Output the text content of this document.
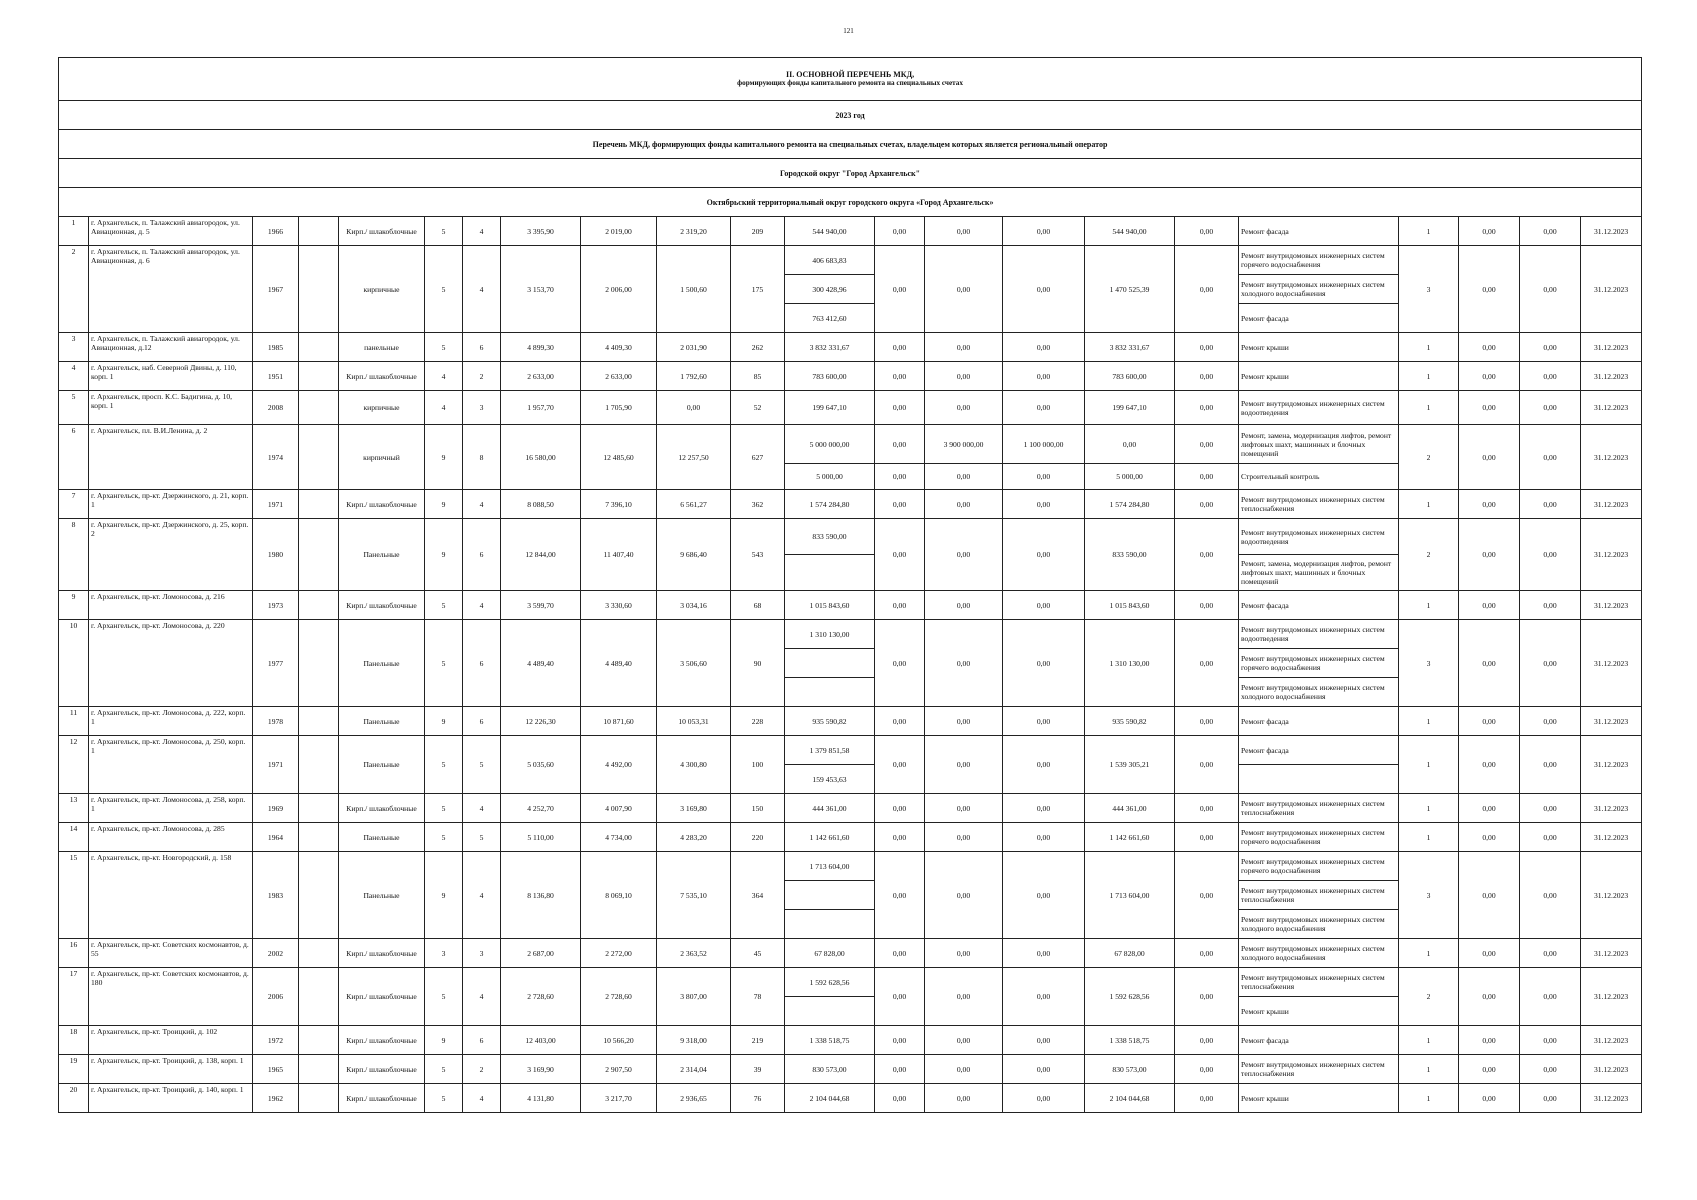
121
II. ОСНОВНОЙ ПЕРЕЧЕНЬ МКД,
формирующих фонды капитального ремонта на специальных счетах																					

2023 год																					
Перечень МКД, формирующих фонды капитального ремонта на специальных счетах, владельцем которых является региональный оператор																					
Городской округ "Город Архангельск"																					
Октябрьский территориальный округ городского округа «Город Архангельск»																					
1	г. Архангельск, п. Талажский авиагородок, ул. Авиационная, д. 5	1966		Кирп./ шлакоблочные	5	4	3 395,90	2 019,00	2 319,20	209	544 940,00	0,00	0,00	0,00	544 940,00	0,00	Ремонт фасада	1	0,00	0,00	31.12.2023
2	г. Архангельск, п. Талажский авиагородок, ул. Авиационная, д. 6	1967		кирпичные	5	4	3 153,70	2 006,00	1 500,60	175	406 683,83	0,00	0,00	0,00	1 470 525,39	0,00	Ремонт внутридомовых инженерных систем горячего водоснабжения	3	0,00	0,00	31.12.2023
											300 428,96						Ремонт внутридомовых инженерных систем холодного водоснабжения				
											763 412,60						Ремонт фасада				
3	г. Архангельск, п. Талажский авиагородок, ул. Авиационная, д.12	1985		панельные	5	6	4 899,30	4 409,30	2 031,90	262	3 832 331,67	0,00	0,00	0,00	3 832 331,67	0,00	Ремонт крыши	1	0,00	0,00	31.12.2023
4	г. Архангельск, наб. Северной Двины, д. 110, корп. 1	1951		Кирп./ шлакоблочные	4	2	2 633,00	2 633,00	1 792,60	85	783 600,00	0,00	0,00	0,00	783 600,00	0,00	Ремонт крыши	1	0,00	0,00	31.12.2023
5	г. Архангельск, просп. К.С. Бадигина, д. 10, корп. 1	2008		кирпичные	4	3	1 957,70	1 705,90	0,00	52	199 647,10	0,00	0,00	0,00	199 647,10	0,00	Ремонт внутридомовых инженерных систем водоотведения	1	0,00	0,00	31.12.2023
6	г. Архангельск, пл. В.И.Ленина, д. 2	1974		кирпичный	9	8	16 580,00	12 485,60	12 257,50	627	5 000 000,00	0,00	3 900 000,00	1 100 000,00	0,00	0,00	Ремонт, замена, модернизация лифтов, ремонт лифтовых шахт, машинных и блочных помещений	2	0,00	0,00	31.12.2023
											5 000,00	0,00	0,00	0,00	5 000,00	0,00	Строительный контроль				
7	г. Архангельск, пр-кт. Дзержинского, д. 21, корп. 1	1971		Кирп./ шлакоблочные	9	4	8 088,50	7 396,10	6 561,27	362	1 574 284,80	0,00	0,00	0,00	1 574 284,80	0,00	Ремонт внутридомовых инженерных систем теплоснабжения	1	0,00	0,00	31.12.2023
8	г. Архангельск, пр-кт. Дзержинского, д. 25, корп. 2	1980		Панельные	9	6	12 844,00	11 407,40	9 686,40	543	833 590,00	0,00	0,00	0,00	833 590,00	0,00	Ремонт внутридомовых инженерных систем водоотведения	2	0,00	0,00	31.12.2023
																	Ремонт, замена, модернизация лифтов, ремонт лифтовых шахт, машинных и блочных помещений				
9	г. Архангельск, пр-кт. Ломоносова, д. 216	1973		Кирп./ шлакоблочные	5	4	3 599,70	3 330,60	3 034,16	68	1 015 843,60	0,00	0,00	0,00	1 015 843,60	0,00	Ремонт фасада	1	0,00	0,00	31.12.2023
10	г. Архангельск, пр-кт. Ломоносова, д. 220	1977		Панельные	5	6	4 489,40	4 489,40	3 506,60	90	1 310 130,00	0,00	0,00	0,00	1 310 130,00	0,00	Ремонт внутридомовых инженерных систем водоотведения	3	0,00	0,00	31.12.2023
																	Ремонт внутридомовых инженерных систем горячего водоснабжения				
																	Ремонт внутридомовых инженерных систем холодного водоснабжения				
11	г. Архангельск, пр-кт. Ломоносова, д. 222, корп. 1	1978		Панельные	9	6	12 226,30	10 871,60	10 053,31	228	935 590,82	0,00	0,00	0,00	935 590,82	0,00	Ремонт фасада	1	0,00	0,00	31.12.2023
12	г. Архангельск, пр-кт. Ломоносова, д. 250, корп. 1	1971		Панельные	5	5	5 035,60	4 492,00	4 300,80	100	1 379 851,58	0,00	0,00	0,00	1 539 305,21	0,00	Ремонт фасада	1	0,00	0,00	31.12.2023
											159 453,63										
13	г. Архангельск, пр-кт. Ломоносова, д. 258, корп. 1	1969		Кирп./ шлакоблочные	5	4	4 252,70	4 007,90	3 169,80	150	444 361,00	0,00	0,00	0,00	444 361,00	0,00	Ремонт внутридомовых инженерных систем теплоснабжения	1	0,00	0,00	31.12.2023
14	г. Архангельск, пр-кт. Ломоносова, д. 285	1964		Панельные	5	5	5 110,00	4 734,00	4 283,20	220	1 142 661,60	0,00	0,00	0,00	1 142 661,60	0,00	Ремонт внутридомовых инженерных систем горячего водоснабжения	1	0,00	0,00	31.12.2023
15	г. Архангельск, пр-кт. Новгородский, д. 158	1983		Панельные	9	4	8 136,80	8 069,10	7 535,10	364	1 713 604,00	0,00	0,00	0,00	1 713 604,00	0,00	Ремонт внутридомовых инженерных систем горячего водоснабжения	3	0,00	0,00	31.12.2023
																	Ремонт внутридомовых инженерных систем теплоснабжения				
																	Ремонт внутридомовых инженерных систем холодного водоснабжения				
16	г. Архангельск, пр-кт. Советских космонавтов, д. 55	2002		Кирп./ шлакоблочные	3	3	2 687,00	2 272,00	2 363,52	45	67 828,00	0,00	0,00	0,00	67 828,00	0,00	Ремонт внутридомовых инженерных систем холодного водоснабжения	1	0,00	0,00	31.12.2023
17	г. Архангельск, пр-кт. Советских космонавтов, д. 180	2006		Кирп./ шлакоблочные	5	4	2 728,60	2 728,60	3 807,00	78	1 592 628,56	0,00	0,00	0,00	1 592 628,56	0,00	Ремонт внутридомовых инженерных систем теплоснабжения	2	0,00	0,00	31.12.2023
																	Ремонт крыши				
18	г. Архангельск, пр-кт. Троицкий, д. 102	1972		Кирп./ шлакоблочные	9	6	12 403,00	10 566,20	9 318,00	219	1 338 518,75	0,00	0,00	0,00	1 338 518,75	0,00	Ремонт фасада	1	0,00	0,00	31.12.2023
19	г. Архангельск, пр-кт. Троицкий, д. 138, корп. 1	1965		Кирп./ шлакоблочные	5	2	3 169,90	2 907,50	2 314,04	39	830 573,00	0,00	0,00	0,00	830 573,00	0,00	Ремонт внутридомовых инженерных систем теплоснабжения	1	0,00	0,00	31.12.2023
20	г. Архангельск, пр-кт. Троицкий, д. 140, корп. 1	1962		Кирп./ шлакоблочные	5	4	4 131,80	3 217,70	2 936,65	76	2 104 044,68	0,00	0,00	0,00	2 104 044,68	0,00	Ремонт крыши	1	0,00	0,00	31.12.2023
